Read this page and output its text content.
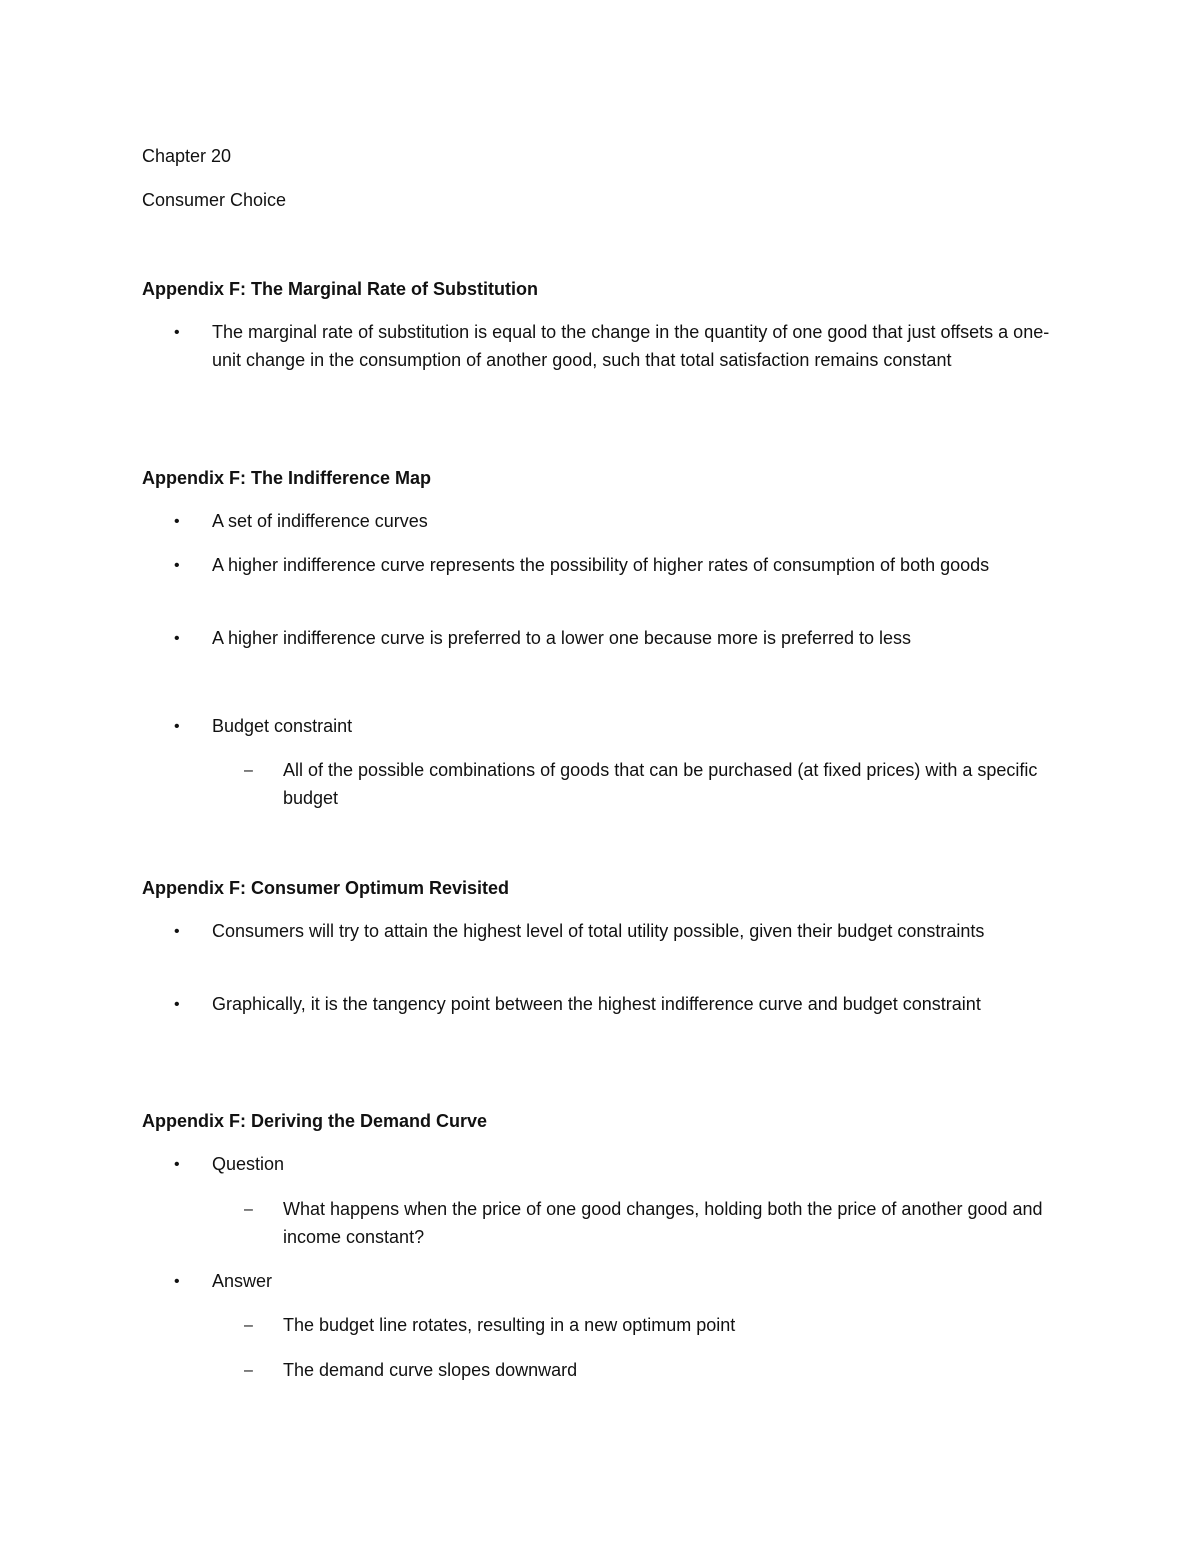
Chapter 20
Consumer Choice
Appendix F: The Marginal Rate of Substitution
•	The marginal rate of substitution is equal to the change in the quantity of one good that just offsets a one-unit change in the consumption of another good, such that total satisfaction remains constant
Appendix F: The Indifference Map
•	A set of indifference curves
•	A higher indifference curve represents the possibility of higher rates of consumption of both goods
•	A higher indifference curve is preferred to a lower one because more is preferred to less
•	Budget constraint
–	All of the possible combinations of goods that can be purchased (at fixed prices) with a specific budget
Appendix F: Consumer Optimum Revisited
•	Consumers will try to attain the highest level of total utility possible, given their budget constraints
•	Graphically, it is the tangency point between the highest indifference curve and budget constraint
Appendix F: Deriving the Demand Curve
•	Question
–	What happens when the price of one good changes, holding both the price of another good and income constant?
•	Answer
–	The budget line rotates, resulting in a new optimum point
–	The demand curve slopes downward
